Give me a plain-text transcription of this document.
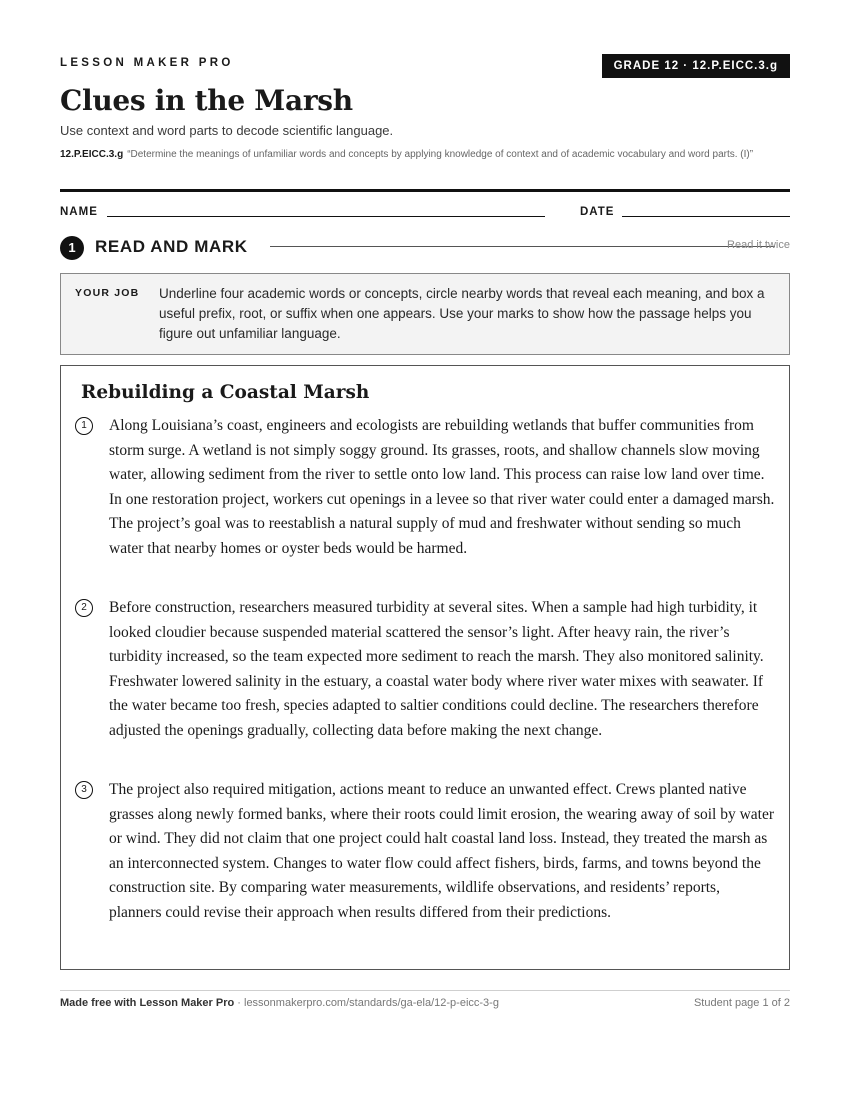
LESSON MAKER PRO	GRADE 12 · 12.P.EICC.3.g
Clues in the Marsh
Use context and word parts to decode scientific language.
12.P.EICC.3.g “Determine the meanings of unfamiliar words and concepts by applying knowledge of context and of academic vocabulary and word parts. (I)”
NAME	DATE
1	READ AND MARK	Read it twice
YOUR JOB Underline four academic words or concepts, circle nearby words that reveal each meaning, and box a useful prefix, root, or suffix when one appears. Use your marks to show how the passage helps you figure out unfamiliar language.
Rebuilding a Coastal Marsh
1	Along Louisiana’s coast, engineers and ecologists are rebuilding wetlands that buffer communities from storm surge. A wetland is not simply soggy ground. Its grasses, roots, and shallow channels slow moving water, allowing sediment from the river to settle onto low land. This process can raise low land over time. In one restoration project, workers cut openings in a levee so that river water could enter a damaged marsh. The project’s goal was to reestablish a natural supply of mud and freshwater without sending so much water that nearby homes or oyster beds would be harmed.

2	Before construction, researchers measured turbidity at several sites. When a sample had high turbidity, it looked cloudier because suspended material scattered the sensor’s light. After heavy rain, the river’s turbidity increased, so the team expected more sediment to reach the marsh. They also monitored salinity. Freshwater lowered salinity in the estuary, a coastal water body where river water mixes with seawater. If the water became too fresh, species adapted to saltier conditions could decline. The researchers therefore adjusted the openings gradually, collecting data before making the next change.

3	The project also required mitigation, actions meant to reduce an unwanted effect. Crews planted native grasses along newly formed banks, where their roots could limit erosion, the wearing away of soil by water or wind. They did not claim that one project could halt coastal land loss. Instead, they treated the marsh as an interconnected system. Changes to water flow could affect fishers, birds, farms, and towns beyond the construction site. By comparing water measurements, wildlife observations, and residents’ reports, planners could revise their approach when results differed from their predictions.

Made free with Lesson Maker Pro · lessonmakerpro.com/standards/ga-ela/12-p-eicc-3-g	Student page 1 of 2
